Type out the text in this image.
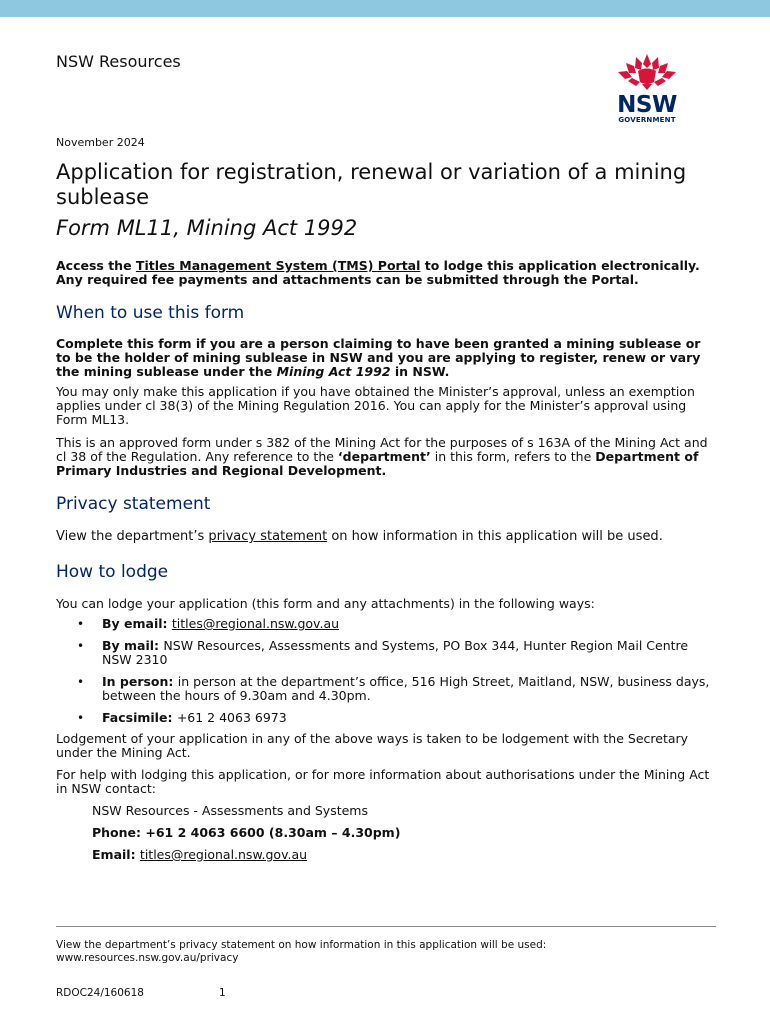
NSW Resources
NSW
GOVERNMENT
November 2024
Application for registration, renewal or variation of a mining sublease
Form ML11, Mining Act 1992
Access the Titles Management System (TMS) Portal to lodge this application electronically.
Any required fee payments and attachments can be submitted through the Portal.
When to use this form

Complete this form if you are a person claiming to have been granted a mining sublease or to be the holder of mining sublease in NSW and you are applying to register, renew or vary the mining sublease under the Mining Act 1992 in NSW.

You may only make this application if you have obtained the Minister’s approval, unless an exemption applies under cl 38(3) of the Mining Regulation 2016. You can apply for the Minister’s approval using Form ML13.

This is an approved form under s 382 of the Mining Act for the purposes of s 163A of the Mining Act and cl 38 of the Regulation. Any reference to the ‘department’ in this form, refers to the Department of Primary Industries and Regional Development.

Privacy statement

View the department’s privacy statement on how information in this application will be used.

How to lodge

You can lodge your application (this form and any attachments) in the following ways:

• By email: titles@regional.nsw.gov.au
• By mail: NSW Resources, Assessments and Systems, PO Box 344, Hunter Region Mail Centre NSW 2310
• In person: in person at the department’s office, 516 High Street, Maitland, NSW, business days, between the hours of 9.30am and 4.30pm.
• Facsimile: +61 2 4063 6973

Lodgement of your application in any of the above ways is taken to be lodgement with the Secretary under the Mining Act.

For help with lodging this application, or for more information about authorisations under the Mining Act in NSW contact:

NSW Resources - Assessments and Systems

Phone: +61 2 4063 6600 (8.30am – 4.30pm)

Email: titles@regional.nsw.gov.au

View the department’s privacy statement on how information in this application will be used:
www.resources.nsw.gov.au/privacy
RDOC24/160618	1
